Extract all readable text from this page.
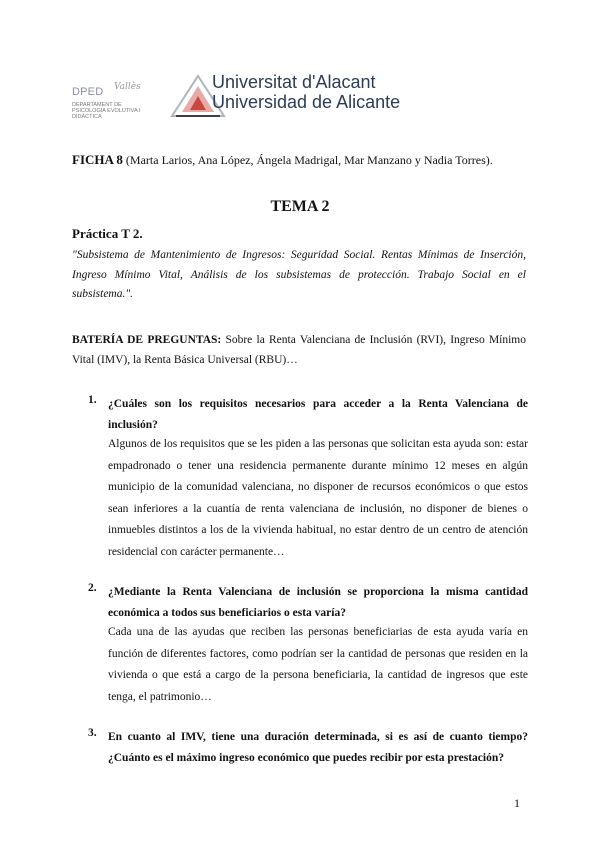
DPED Vallès
DEPARTAMENT DE PSICOLOGIA EVOLUTIVA I DIDÀCTICA
Universitat d'Alacant
Universidad de Alicante
FICHA 8 (Marta Larios, Ana López, Ángela Madrigal, Mar Manzano y Nadia Torres).
TEMA 2
Práctica T 2.
"Subsistema de Mantenimiento de Ingresos: Seguridad Social. Rentas Mínimas de Inserción, Ingreso Mínimo Vital, Análisis de los subsistemas de protección. Trabajo Social en el subsistema.".
BATERÍA DE PREGUNTAS: Sobre la Renta Valenciana de Inclusión (RVI), Ingreso Mínimo Vital (IMV), la Renta Básica Universal (RBU)…
1. ¿Cuáles son los requisitos necesarios para acceder a la Renta Valenciana de inclusión?
Algunos de los requisitos que se les piden a las personas que solicitan esta ayuda son: estar empadronado o tener una residencia permanente durante mínimo 12 meses en algún municipio de la comunidad valenciana, no disponer de recursos económicos o que estos sean inferiores a la cuantía de renta valenciana de inclusión, no disponer de bienes o inmuebles distintos a los de la vivienda habitual, no estar dentro de un centro de atención residencial con carácter permanente…
2. ¿Mediante la Renta Valenciana de inclusión se proporciona la misma cantidad económica a todos sus beneficiarios o esta varía?
Cada una de las ayudas que reciben las personas beneficiarias de esta ayuda varía en función de diferentes factores, como podrían ser la cantidad de personas que residen en la vivienda o que está a cargo de la persona beneficiaria, la cantidad de ingresos que este tenga, el patrimonio…
3. En cuanto al IMV, tiene una duración determinada, si es así de cuanto tiempo? ¿Cuánto es el máximo ingreso económico que puedes recibir por esta prestación?
1
